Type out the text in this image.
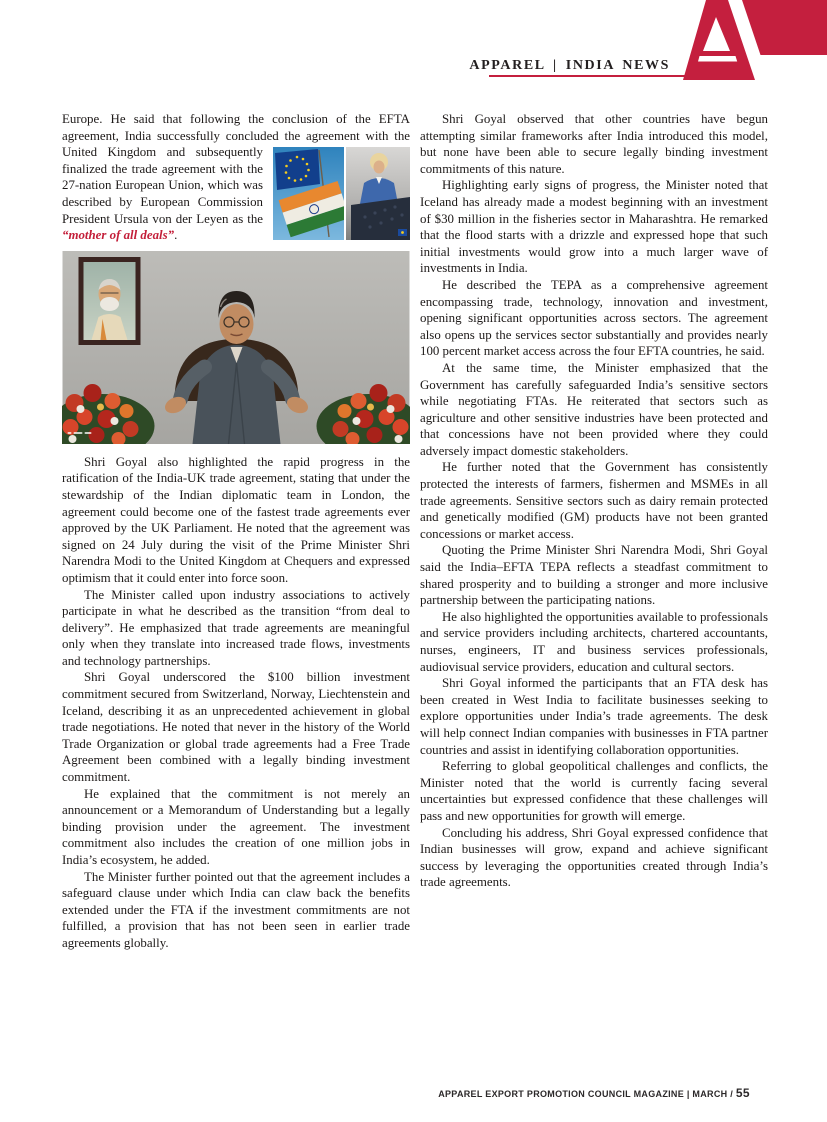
APPAREL | INDIA NEWS

Europe. He said that following the conclusion of the EFTA agreement, India successfully concluded the agreement with
the United Kingdom and subsequently finalized the trade agreement with the 27-nation European Union, which was described by European Commission President Ursula von der Leyen as the “mother of all deals”.

Shri Goyal also highlighted the rapid progress in the ratification of the India-UK trade agreement, stating that under the stewardship of the Indian diplomatic team in London, the agreement could become one of the fastest trade agreements ever approved by the UK Parliament. He noted that the agreement was signed on 24 July during the visit of the Prime Minister Shri Narendra Modi to the United Kingdom at Chequers and expressed optimism that it could enter into force soon.

The Minister called upon industry associations to actively participate in what he described as the transition “from deal to delivery”. He emphasized that trade agreements are meaningful only when they translate into increased trade flows, investments and technology partnerships.

Shri Goyal underscored the $100 billion investment commitment secured from Switzerland, Norway, Liechtenstein and Iceland, describing it as an unprecedented achievement in global trade negotiations. He noted that never in the history of the World Trade Organization or global trade agreements had a Free Trade Agreement been combined with a legally binding investment commitment.

He explained that the commitment is not merely an announcement or a Memorandum of Understanding but a legally binding provision under the agreement. The investment commitment also includes the creation of one million jobs in India’s ecosystem, he added.

The Minister further pointed out that the agreement includes a safeguard clause under which India can claw back the benefits extended under the FTA if the investment commitments are not fulfilled, a provision that has not been seen in earlier trade agreements globally.

Shri Goyal observed that other countries have begun attempting similar frameworks after India introduced this model, but none have been able to secure legally binding investment commitments of this nature.

Highlighting early signs of progress, the Minister noted that Iceland has already made a modest beginning with an investment of $30 million in the fisheries sector in Maharashtra. He remarked that the flood starts with a drizzle and expressed hope that such initial investments would grow into a much larger wave of investments in India.

He described the TEPA as a comprehensive agreement encompassing trade, technology, innovation and investment, opening significant opportunities across sectors. The agreement also opens up the services sector substantially and provides nearly 100 percent market access across the four EFTA countries, he said.

At the same time, the Minister emphasized that the Government has carefully safeguarded India’s sensitive sectors while negotiating FTAs. He reiterated that sectors such as agriculture and other sensitive industries have been protected and that concessions have not been provided where they could adversely impact domestic stakeholders.

He further noted that the Government has consistently protected the interests of farmers, fishermen and MSMEs in all trade agreements. Sensitive sectors such as dairy remain protected and genetically modified (GM) products have not been granted concessions or market access.

Quoting the Prime Minister Shri Narendra Modi, Shri Goyal said the India–EFTA TEPA reflects a steadfast commitment to shared prosperity and to building a stronger and more inclusive partnership between the participating nations.

He also highlighted the opportunities available to professionals and service providers including architects, chartered accountants, nurses, engineers, IT and business services professionals, audiovisual service providers, education and cultural sectors.

Shri Goyal informed the participants that an FTA desk has been created in West India to facilitate businesses seeking to explore opportunities under India’s trade agreements. The desk will help connect Indian companies with businesses in FTA partner countries and assist in identifying collaboration opportunities.

Referring to global geopolitical challenges and conflicts, the Minister noted that the world is currently facing several uncertainties but expressed confidence that these challenges will pass and new opportunities for growth will emerge.

Concluding his address, Shri Goyal expressed confidence that Indian businesses will grow, expand and achieve significant success by leveraging the opportunities created through India’s trade agreements.

APPAREL EXPORT PROMOTION COUNCIL MAGAZINE | MARCH / 55
